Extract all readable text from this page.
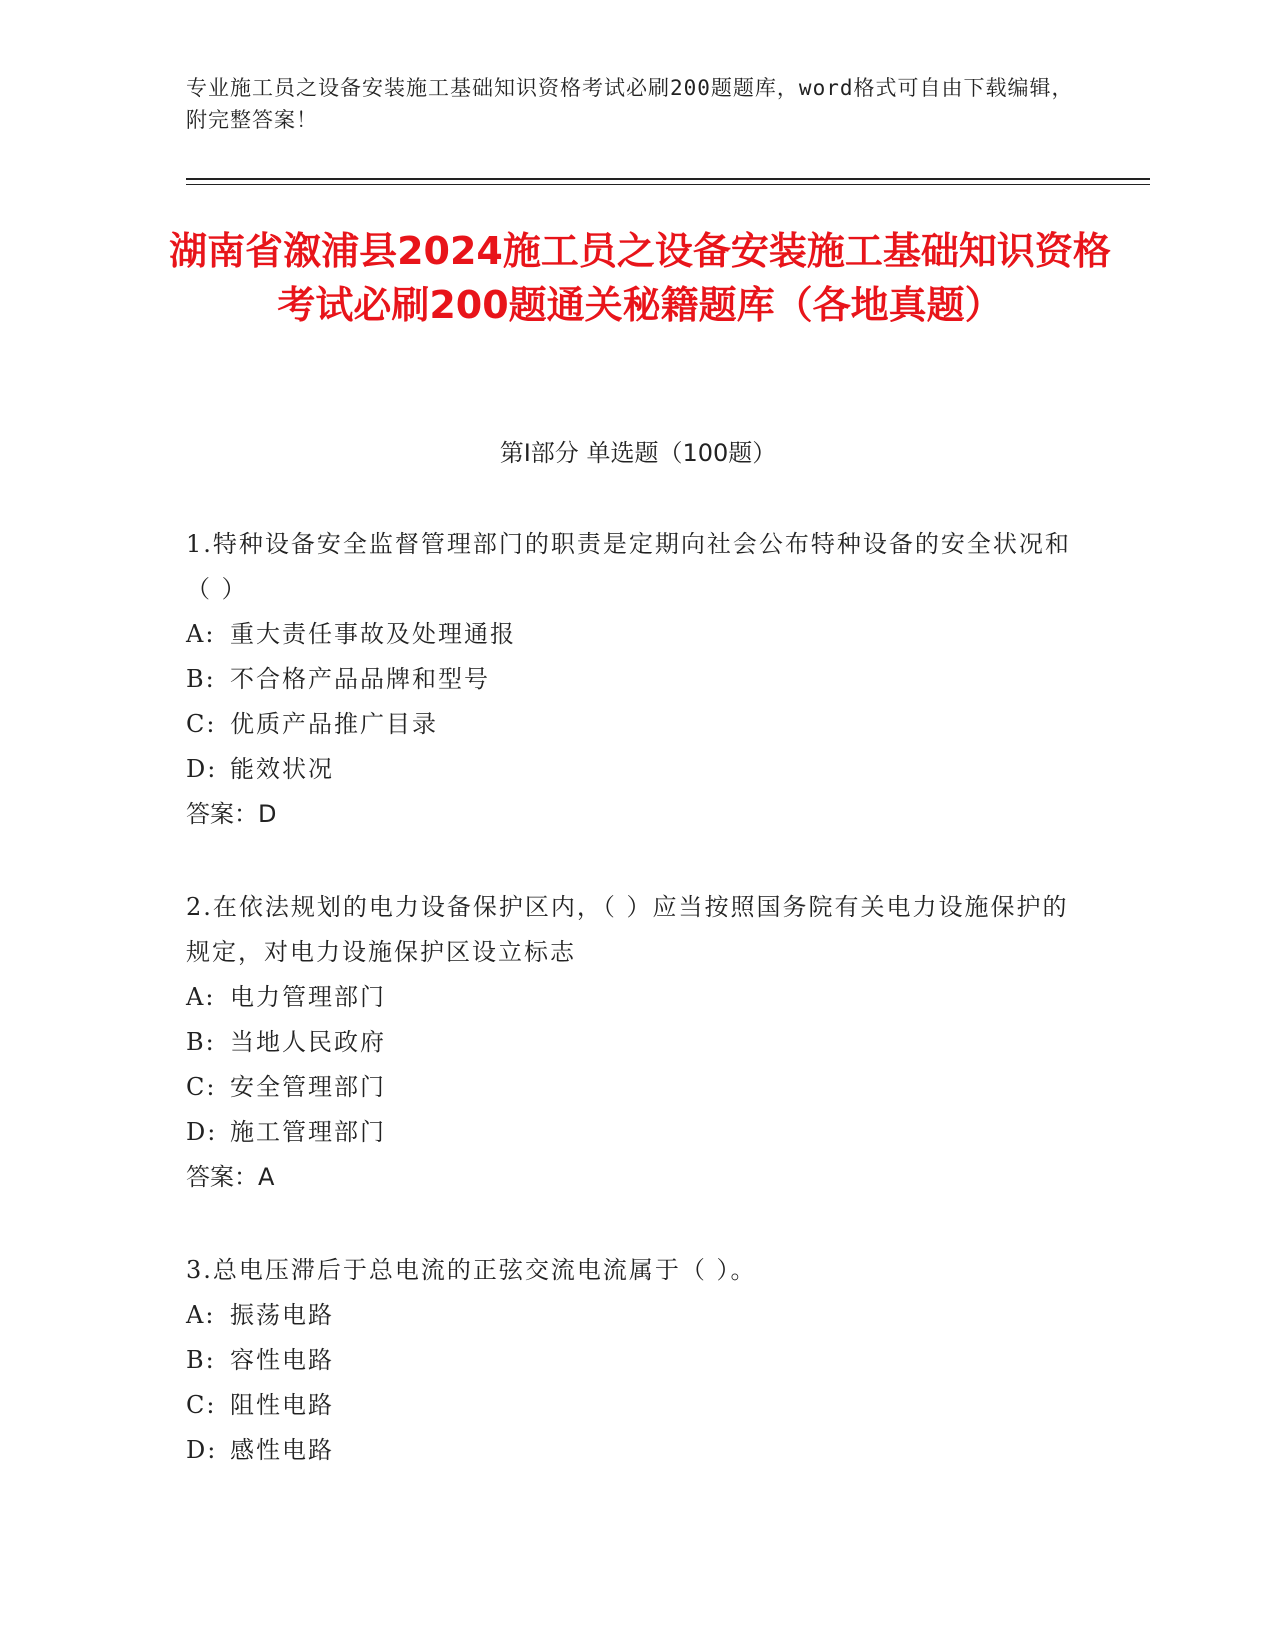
专业施工员之设备安装施工基础知识资格考试必刷200题题库，word格式可自由下载编辑，附完整答案！
湖南省溆浦县2024施工员之设备安装施工基础知识资格考试必刷200题通关秘籍题库（各地真题）
第I部分 单选题（100题）
1.特种设备安全监督管理部门的职责是定期向社会公布特种设备的安全状况和（ ）
A: 重大责任事故及处理通报
B: 不合格产品品牌和型号
C: 优质产品推广目录
D: 能效状况
答案：D
2.在依法规划的电力设备保护区内，（ ）应当按照国务院有关电力设施保护的规定，对电力设施保护区设立标志
A: 电力管理部门
B: 当地人民政府
C: 安全管理部门
D: 施工管理部门
答案：A
3.总电压滞后于总电流的正弦交流电流属于（ ）。
A: 振荡电路
B: 容性电路
C: 阻性电路
D: 感性电路
